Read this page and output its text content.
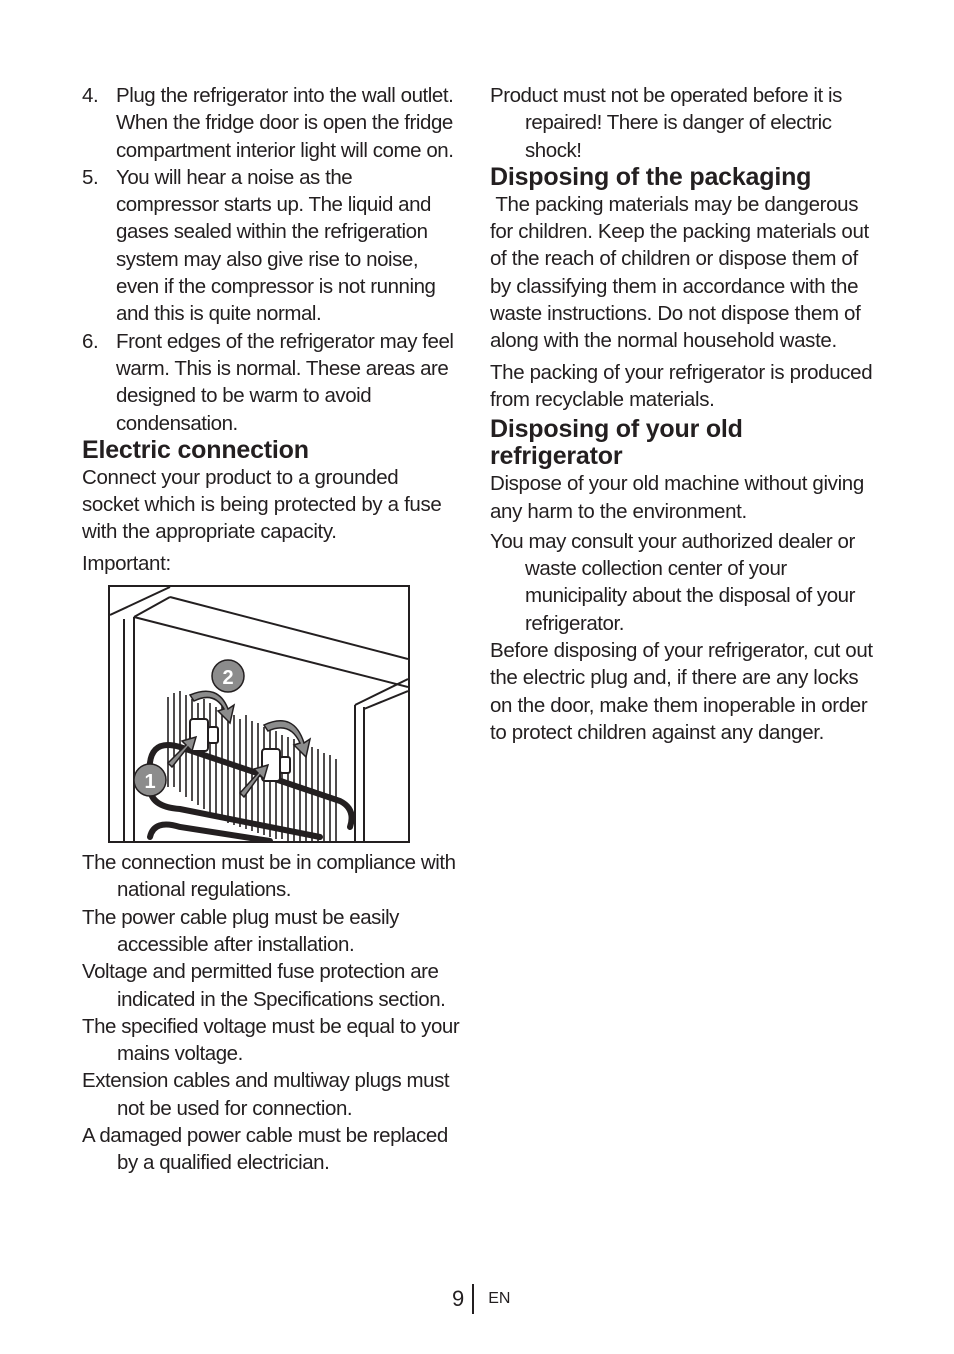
4. Plug the refrigerator into the wall outlet. When the fridge door is open the fridge compartment interior light will come on.
5. You will hear a noise as the compressor starts up. The liquid and gases sealed within the refrigeration system may also give rise to noise, even if the compressor is not running and this is quite normal.
6. Front edges of the refrigerator may feel warm. This is normal. These areas are designed to be warm to avoid condensation.
Electric connection

Connect your product to a grounded socket which is being protected by a fuse with the appropriate capacity.

Important:

2
1

The connection must be in compliance with national regulations.

The power cable plug must be easily accessible after installation.

Voltage and permitted fuse protection are indicated in the Specifications section.

The specified voltage must be equal to your mains voltage.

Extension cables and multiway plugs must not be used for connection.

A damaged power cable must be replaced by a qualified electrician.

Product must not be operated before it is repaired! There is danger of electric shock!

Disposing of the packaging

The packing materials may be dangerous for children. Keep the packing materials out of the reach of children or dispose them of by classifying them in accordance with the waste instructions. Do not dispose them of along with the normal household waste.

The packing of your refrigerator is produced from recyclable materials.

Disposing of your old refrigerator

Dispose of your old machine without giving any harm to the environment.

You may consult your authorized dealer or waste collection center of your municipality about the disposal of your refrigerator.

Before disposing of your refrigerator, cut out the electric plug and, if there are any locks on the door, make them inoperable in order to protect children against any danger.

9	EN
